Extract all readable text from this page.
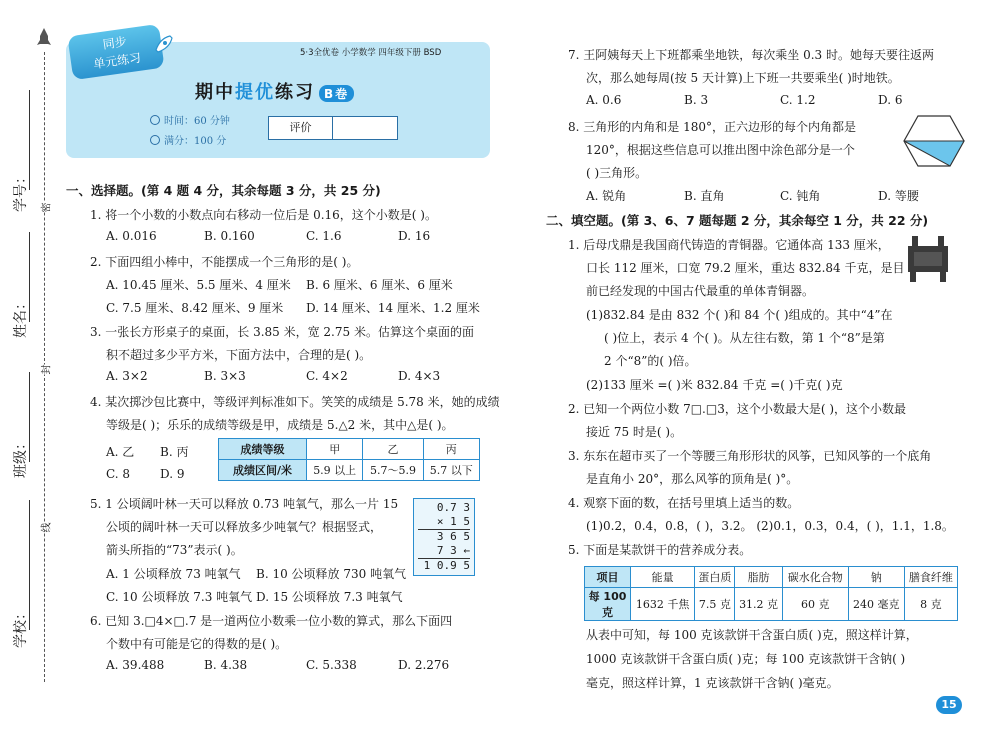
学号：
姓名：
班级：
学校：
密
封
线
同步
单元练习	5·3全优卷 小学数学 四年级下册 BSD
期中提优练习 B卷
时间：60 分钟
满分：100 分
评价
一、选择题。(第 4 题 4 分，其余每题 3 分，共 25 分)
1. 将一个小数的小数点向右移动一位后是 0.16，这个小数是( )。
A. 0.016	B. 0.160	C. 1.6	D. 16
2. 下面四组小棒中，不能摆成一个三角形的是( )。
A. 10.45 厘米、5.5 厘米、4 厘米 B. 6 厘米、6 厘米、6 厘米
C. 7.5 厘米、8.42 厘米、9 厘米 D. 14 厘米、14 厘米、1.2 厘米
3. 一张长方形桌子的桌面，长 3.85 米，宽 2.75 米。估算这个桌面的面
积不超过多少平方米，下面方法中，合理的是( )。
A. 3×2	B. 3×3	C. 4×2	D. 4×3
4. 某次掷沙包比赛中，等级评判标准如下。笑笑的成绩是 5.78 米，她的成绩
等级是( )；乐乐的成绩等级是甲，成绩是 5.△2 米，其中△是( )。
A. 乙 B. 丙
C. 8 D. 9
成绩等级	甲	乙	丙
成绩区间/米	5.9 以上	5.7～5.9	5.7 以下
5. 1 公顷阔叶林一天可以释放 0.73 吨氧气，那么一片 15
公顷的阔叶林一天可以释放多少吨氧气？根据竖式，
箭头所指的“73”表示( )。
A. 1 公顷释放 73 吨氧气 B. 10 公顷释放 730 吨氧气
C. 10 公顷释放 7.3 吨氧气 D. 15 公顷释放 7.3 吨氧气
0.7 3
× 1 5
3 6 5
7 3 ←
1 0.9 5
6. 已知 3.□4×□.7 是一道两位小数乘一位小数的算式，那么下面四
个数中有可能是它的得数的是( )。
A. 39.488	B. 4.38	C. 5.338	D. 2.276
7. 王阿姨每天上下班都乘坐地铁，每次乘坐 0.3 时。她每天要往返两
次，那么她每周(按 5 天计算)上下班一共要乘坐( )时地铁。
A. 0.6	B. 3	C. 1.2	D. 6
8. 三角形的内角和是 180°，正六边形的每个内角都是
120°，根据这些信息可以推出图中涂色部分是一个
( )三角形。
A. 锐角	B. 直角	C. 钝角	D. 等腰
二、填空题。(第 3、6、7 题每题 2 分，其余每空 1 分，共 22 分)
1. 后母戊鼎是我国商代铸造的青铜器。它通体高 133 厘米，
口长 112 厘米，口宽 79.2 厘米，重达 832.84 千克，是目
前已经发现的中国古代最重的单体青铜器。
(1)832.84 是由 832 个( )和 84 个( )组成的。其中“4”在
( )位上，表示 4 个( )。从左往右数，第 1 个“8”是第
2 个“8”的( )倍。
(2)133 厘米 =( )米 832.84 千克 =( )千克( )克
2. 已知一个两位小数 7□.□3，这个小数最大是( )，这个小数最
接近 75 时是( )。
3. 东东在超市买了一个等腰三角形形状的风筝，已知风筝的一个底角
是直角小 20°，那么风筝的顶角是( )°。
4. 观察下面的数，在括号里填上适当的数。
(1)0.2，0.4，0.8，( )，3.2。 (2)0.1，0.3，0.4，( )，1.1，1.8。
5. 下面是某款饼干的营养成分表。
项目	能量	蛋白质	脂肪	碳水化合物	钠	膳食纤维
每 100 克	1632 千焦	7.5 克	31.2 克	60 克	240 毫克	8 克
从表中可知，每 100 克该款饼干含蛋白质( )克，照这样计算，
1000 克该款饼干含蛋白质( )克；每 100 克该款饼干含钠( )
毫克，照这样计算，1 克该款饼干含钠( )毫克。
15
